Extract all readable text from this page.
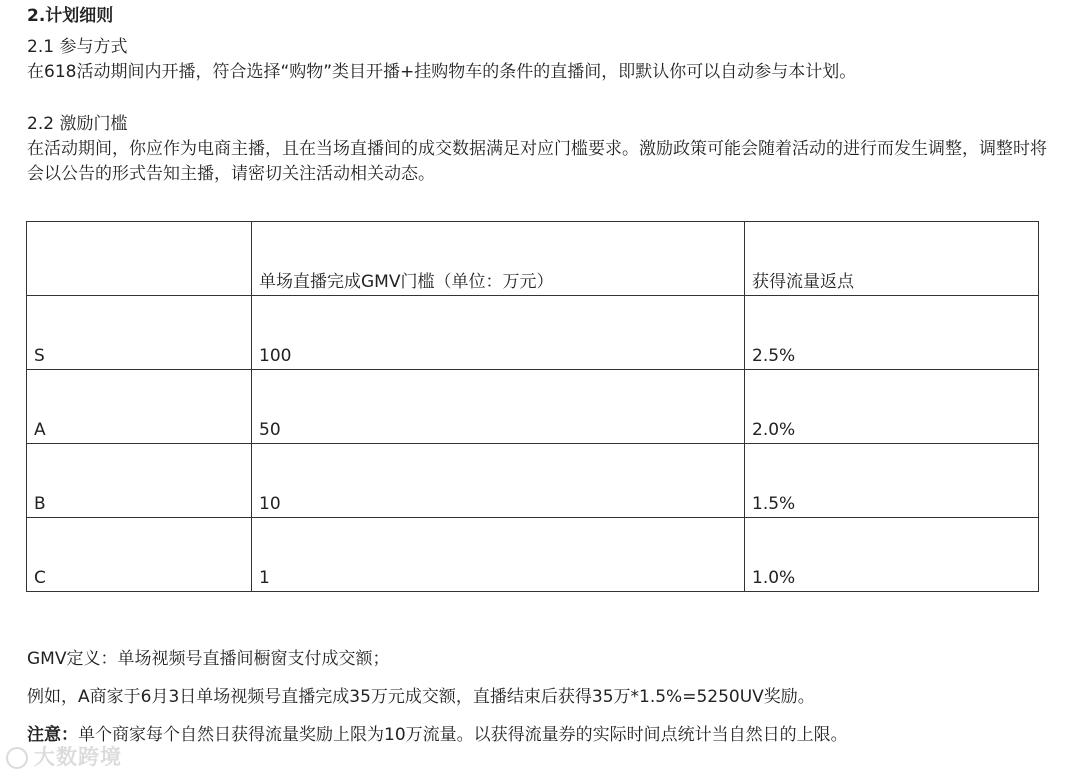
2.计划细则
2.1 参与方式
在618活动期间内开播，符合选择“购物”类目开播+挂购物车的条件的直播间，即默认你可以自动参与本计划。
2.2 激励门槛
在活动期间，你应作为电商主播，且在当场直播间的成交数据满足对应门槛要求。激励政策可能会随着活动的进行而发生调整，调整时将会以公告的形式告知主播，请密切关注活动相关动态。
	单场直播完成GMV门槛（单位：万元）	获得流量返点
S	100	2.5%
A	50	2.0%
B	10	1.5%
C	1	1.0%
GMV定义：单场视频号直播间橱窗支付成交额；
例如，A商家于6月3日单场视频号直播完成35万元成交额，直播结束后获得35万*1.5%=5250UV奖励。
注意：单个商家每个自然日获得流量奖励上限为10万流量。以获得流量券的实际时间点统计当自然日的上限。
大数跨境
